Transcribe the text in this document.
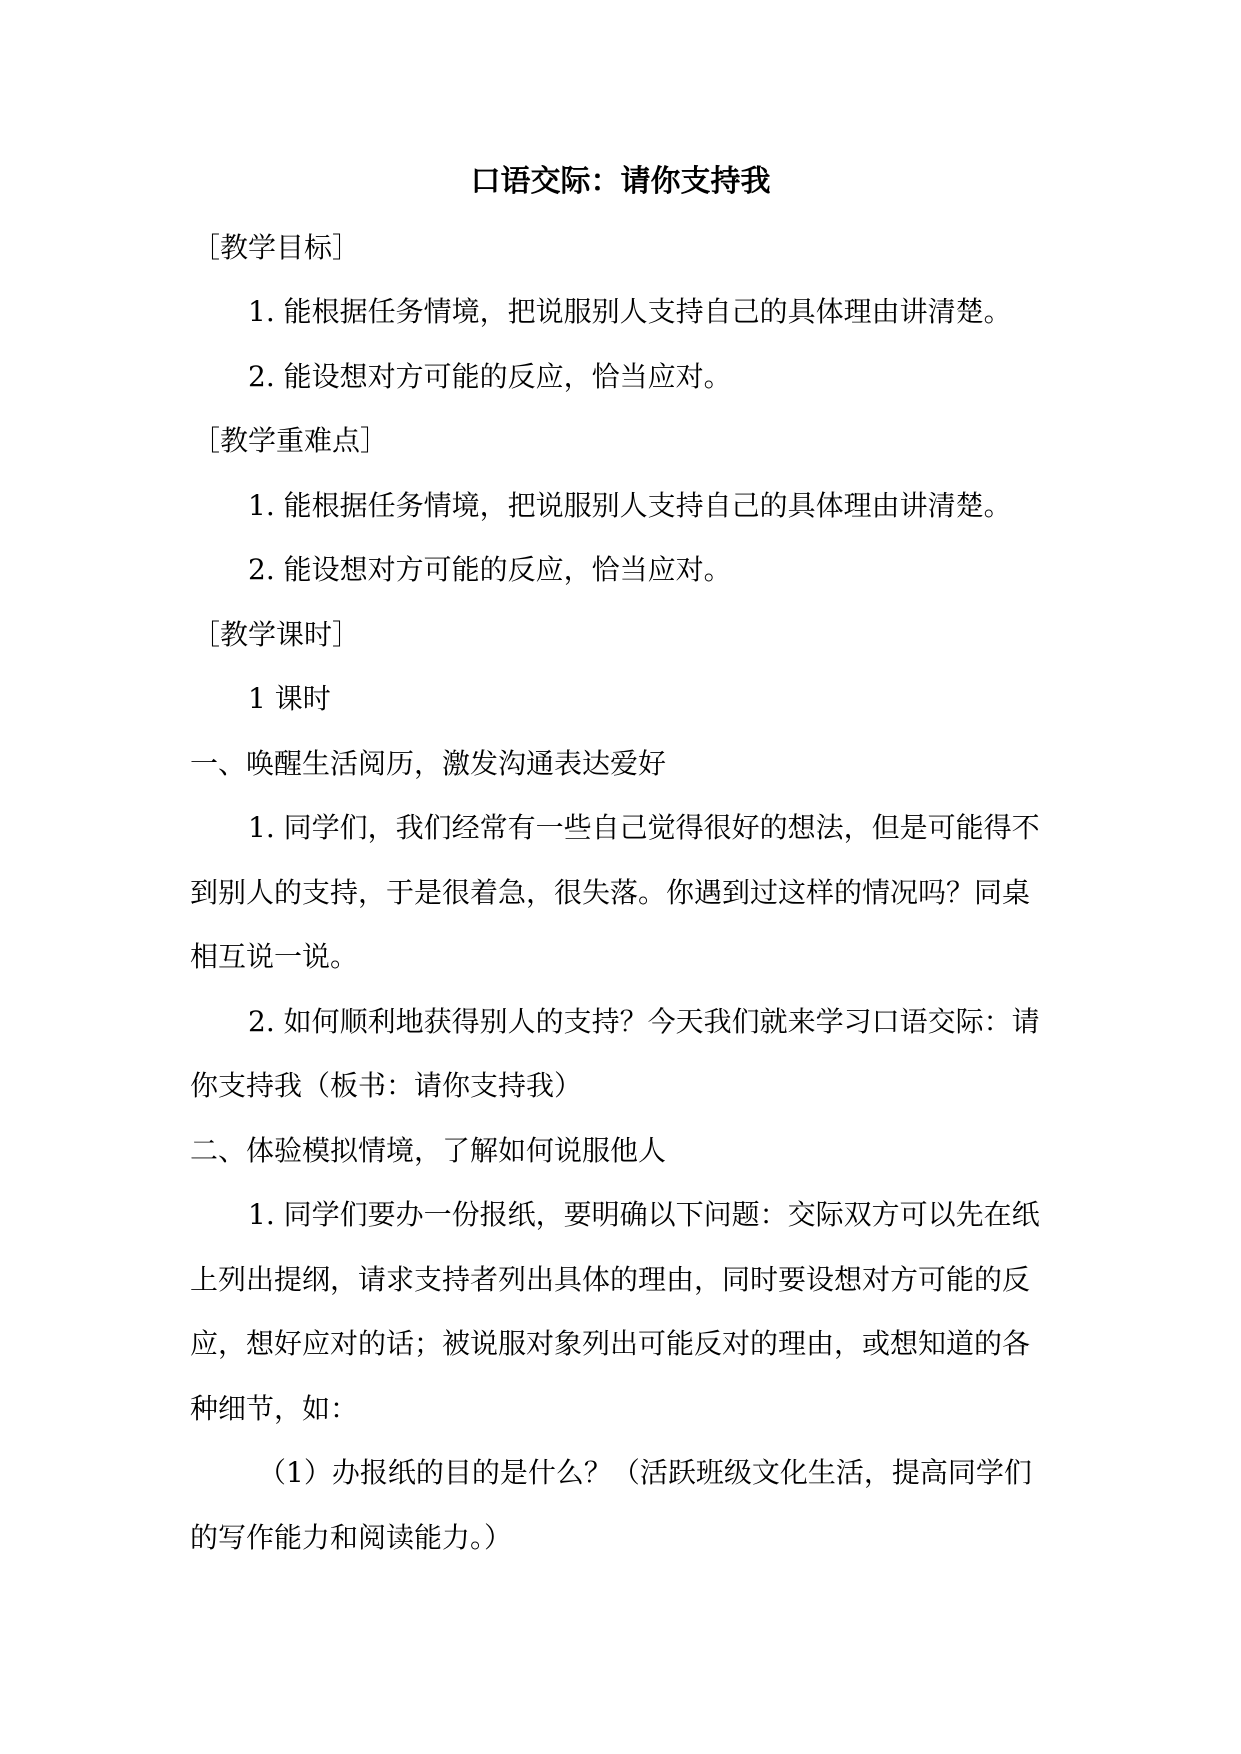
口语交际：请你支持我

［教学目标］

1. 能根据任务情境，把说服别人支持自己的具体理由讲清楚。

2. 能设想对方可能的反应，恰当应对。

［教学重难点］

1. 能根据任务情境，把说服别人支持自己的具体理由讲清楚。

2. 能设想对方可能的反应，恰当应对。

［教学课时］

1 课时

一、唤醒生活阅历，激发沟通表达爱好

1. 同学们，我们经常有一些自己觉得很好的想法，但是可能得不

到别人的支持，于是很着急，很失落。你遇到过这样的情况吗？同桌

相互说一说。

2. 如何顺利地获得别人的支持？今天我们就来学习口语交际：请

你支持我（板书：请你支持我）

二、体验模拟情境，了解如何说服他人

1. 同学们要办一份报纸，要明确以下问题：交际双方可以先在纸

上列出提纲，请求支持者列出具体的理由，同时要设想对方可能的反

应，想好应对的话；被说服对象列出可能反对的理由，或想知道的各

种细节，如：

（1）办报纸的目的是什么？（活跃班级文化生活，提高同学们

的写作能力和阅读能力。）
